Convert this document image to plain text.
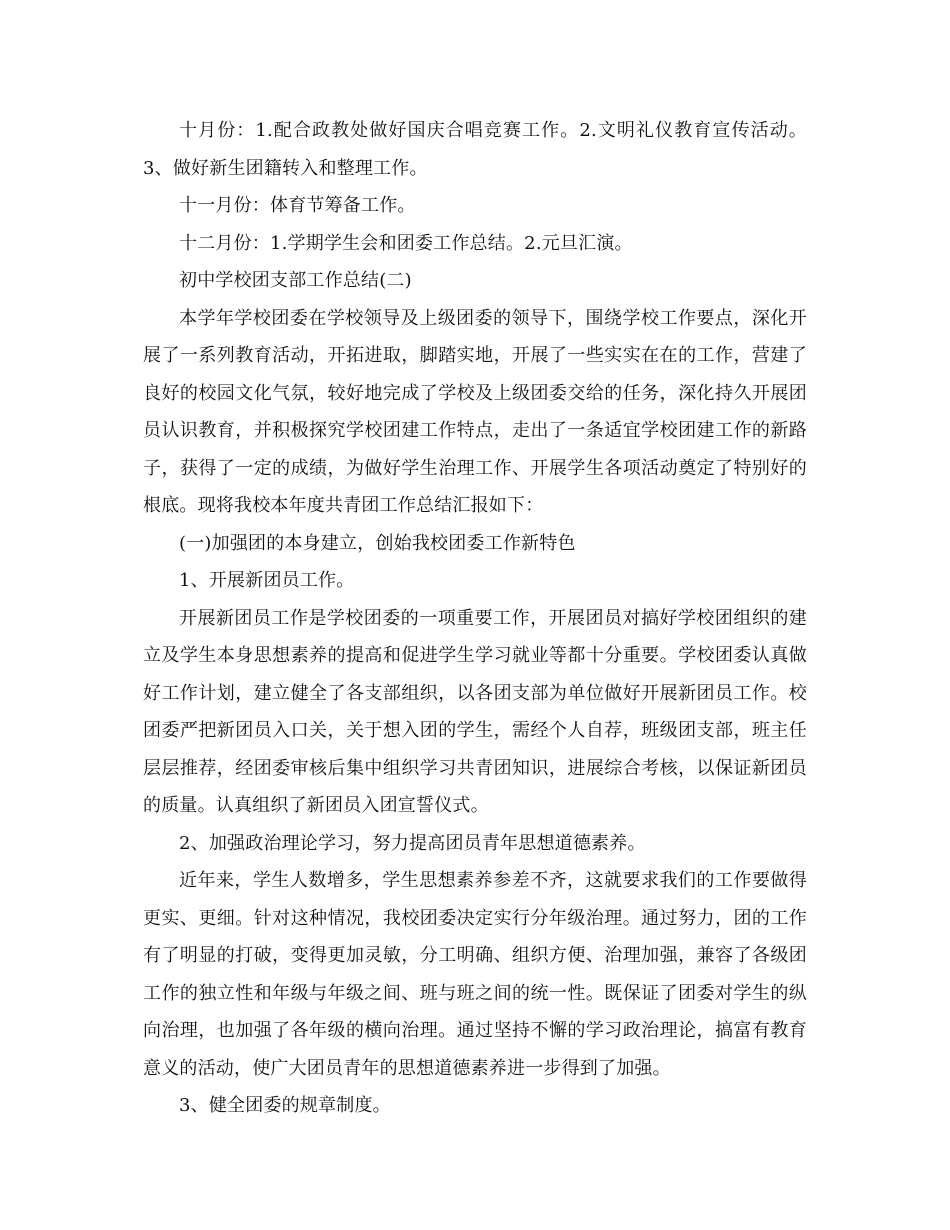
十月份：1.配合政教处做好国庆合唱竞赛工作。2.文明礼仪教育宣传活动。3、做好新生团籍转入和整理工作。

十一月份：体育节筹备工作。

十二月份：1.学期学生会和团委工作总结。2.元旦汇演。

初中学校团支部工作总结(二)

本学年学校团委在学校领导及上级团委的领导下，围绕学校工作要点，深化开展了一系列教育活动，开拓进取，脚踏实地，开展了一些实实在在的工作，营建了良好的校园文化气氛，较好地完成了学校及上级团委交给的任务，深化持久开展团员认识教育，并积极探究学校团建工作特点，走出了一条适宜学校团建工作的新路子，获得了一定的成绩，为做好学生治理工作、开展学生各项活动奠定了特别好的根底。现将我校本年度共青团工作总结汇报如下：

(一)加强团的本身建立，创始我校团委工作新特色

1、开展新团员工作。

开展新团员工作是学校团委的一项重要工作，开展团员对搞好学校团组织的建立及学生本身思想素养的提高和促进学生学习就业等都十分重要。学校团委认真做好工作计划，建立健全了各支部组织，以各团支部为单位做好开展新团员工作。校团委严把新团员入口关，关于想入团的学生，需经个人自荐，班级团支部，班主任层层推荐，经团委审核后集中组织学习共青团知识，进展综合考核，以保证新团员的质量。认真组织了新团员入团宣誓仪式。

2、加强政治理论学习，努力提高团员青年思想道德素养。

近年来，学生人数增多，学生思想素养参差不齐，这就要求我们的工作要做得更实、更细。针对这种情况，我校团委决定实行分年级治理。通过努力，团的工作有了明显的打破，变得更加灵敏，分工明确、组织方便、治理加强，兼容了各级团工作的独立性和年级与年级之间、班与班之间的统一性。既保证了团委对学生的纵向治理，也加强了各年级的横向治理。通过坚持不懈的学习政治理论，搞富有教育意义的活动，使广大团员青年的思想道德素养进一步得到了加强。

3、健全团委的规章制度。
